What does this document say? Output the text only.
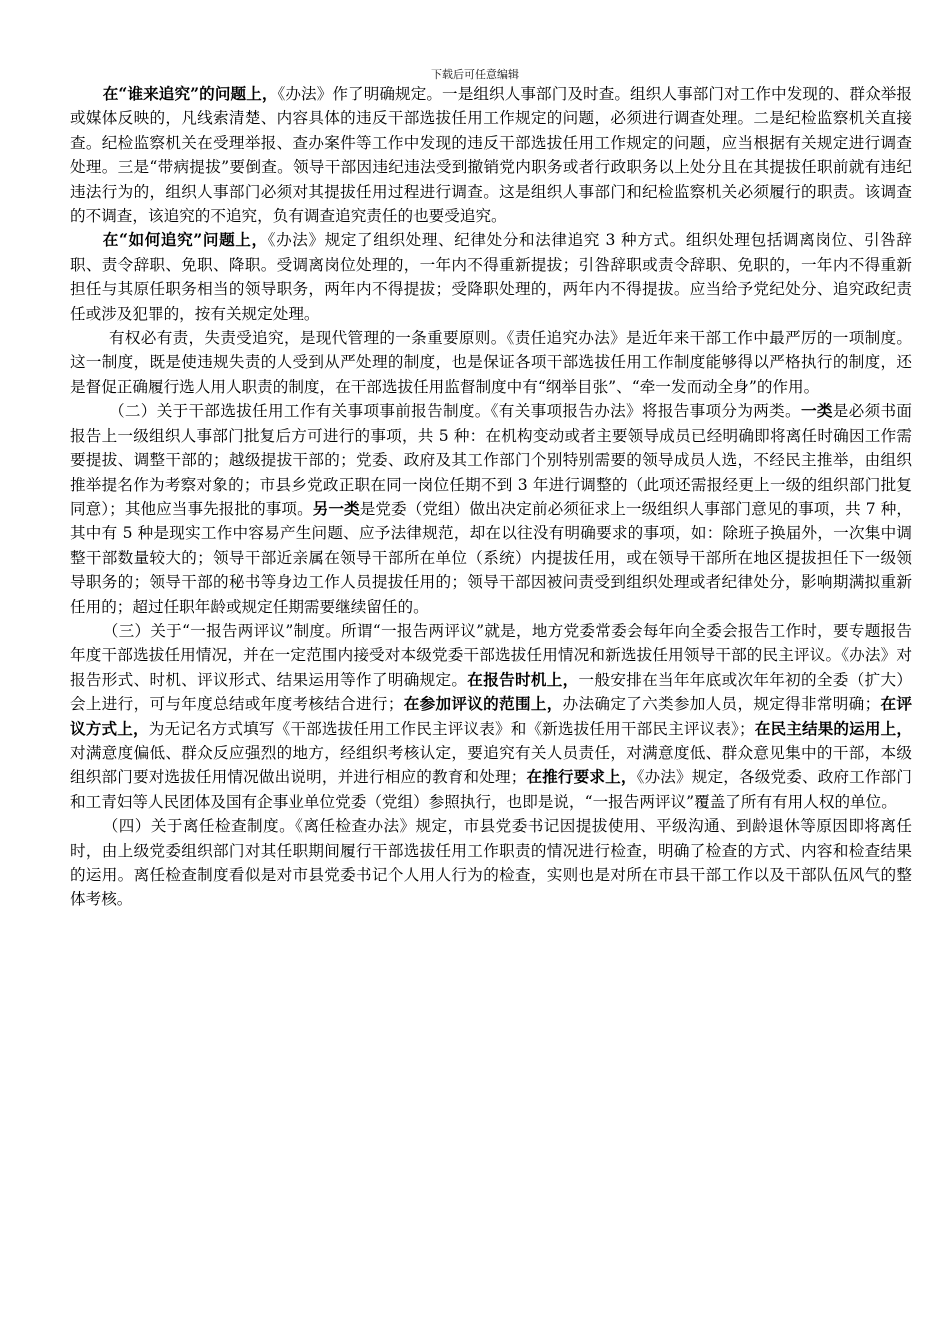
下载后可任意编辑

在“谁来追究”的问题上，《办法》作了明确规定。一是组织人事部门及时查。组织人事部门对工作中发现的、群众举报或媒体反映的，凡线索清楚、内容具体的违反干部选拔任用工作规定的问题，必须进行调查处理。二是纪检监察机关直接查。纪检监察机关在受理举报、查办案件等工作中发现的违反干部选拔任用工作规定的问题，应当根据有关规定进行调查处理。三是“带病提拔”要倒查。领导干部因违纪违法受到撤销党内职务或者行政职务以上处分且在其提拔任职前就有违纪违法行为的，组织人事部门必须对其提拔任用过程进行调查。这是组织人事部门和纪检监察机关必须履行的职责。该调查的不调查，该追究的不追究，负有调查追究责任的也要受追究。

在“如何追究”问题上，《办法》规定了组织处理、纪律处分和法律追究 3 种方式。组织处理包括调离岗位、引咎辞职、责令辞职、免职、降职。受调离岗位处理的，一年内不得重新提拔；引咎辞职或责令辞职、免职的，一年内不得重新担任与其原任职务相当的领导职务，两年内不得提拔；受降职处理的，两年内不得提拔。应当给予党纪处分、追究政纪责任或涉及犯罪的，按有关规定处理。

有权必有责，失责受追究，是现代管理的一条重要原则。《责任追究办法》是近年来干部工作中最严厉的一项制度。这一制度，既是使违规失责的人受到从严处理的制度，也是保证各项干部选拔任用工作制度能够得以严格执行的制度，还是督促正确履行选人用人职责的制度，在干部选拔任用监督制度中有“纲举目张”、“牵一发而动全身”的作用。

（二）关于干部选拔任用工作有关事项事前报告制度。《有关事项报告办法》将报告事项分为两类。一类是必须书面报告上一级组织人事部门批复后方可进行的事项，共 5 种：在机构变动或者主要领导成员已经明确即将离任时确因工作需要提拔、调整干部的；越级提拔干部的；党委、政府及其工作部门个别特别需要的领导成员人选，不经民主推举，由组织推举提名作为考察对象的；市县乡党政正职在同一岗位任期不到 3 年进行调整的（此项还需报经更上一级的组织部门批复同意）；其他应当事先报批的事项。另一类是党委（党组）做出决定前必须征求上一级组织人事部门意见的事项，共 7 种，其中有 5 种是现实工作中容易产生问题、应予法律规范，却在以往没有明确要求的事项，如：除班子换届外，一次集中调整干部数量较大的；领导干部近亲属在领导干部所在单位（系统）内提拔任用，或在领导干部所在地区提拔担任下一级领导职务的；领导干部的秘书等身边工作人员提拔任用的；领导干部因被问责受到组织处理或者纪律处分，影响期满拟重新任用的；超过任职年龄或规定任期需要继续留任的。

（三）关于“一报告两评议”制度。所谓“一报告两评议”就是，地方党委常委会每年向全委会报告工作时，要专题报告年度干部选拔任用情况，并在一定范围内接受对本级党委干部选拔任用情况和新选拔任用领导干部的民主评议。《办法》对报告形式、时机、评议形式、结果运用等作了明确规定。在报告时机上，一般安排在当年年底或次年年初的全委（扩大）会上进行，可与年度总结或年度考核结合进行；在参加评议的范围上，办法确定了六类参加人员，规定得非常明确；在评议方式上，为无记名方式填写《干部选拔任用工作民主评议表》和《新选拔任用干部民主评议表》；在民主结果的运用上，对满意度偏低、群众反应强烈的地方，经组织考核认定，要追究有关人员责任，对满意度低、群众意见集中的干部，本级组织部门要对选拔任用情况做出说明，并进行相应的教育和处理；在推行要求上，《办法》规定，各级党委、政府工作部门和工青妇等人民团体及国有企事业单位党委（党组）参照执行，也即是说，“一报告两评议”覆盖了所有有用人权的单位。

（四）关于离任检查制度。《离任检查办法》规定，市县党委书记因提拔使用、平级沟通、到龄退休等原因即将离任时，由上级党委组织部门对其任职期间履行干部选拔任用工作职责的情况进行检查，明确了检查的方式、内容和检查结果的运用。离任检查制度看似是对市县党委书记个人用人行为的检查，实则也是对所在市县干部工作以及干部队伍风气的整体考核。
